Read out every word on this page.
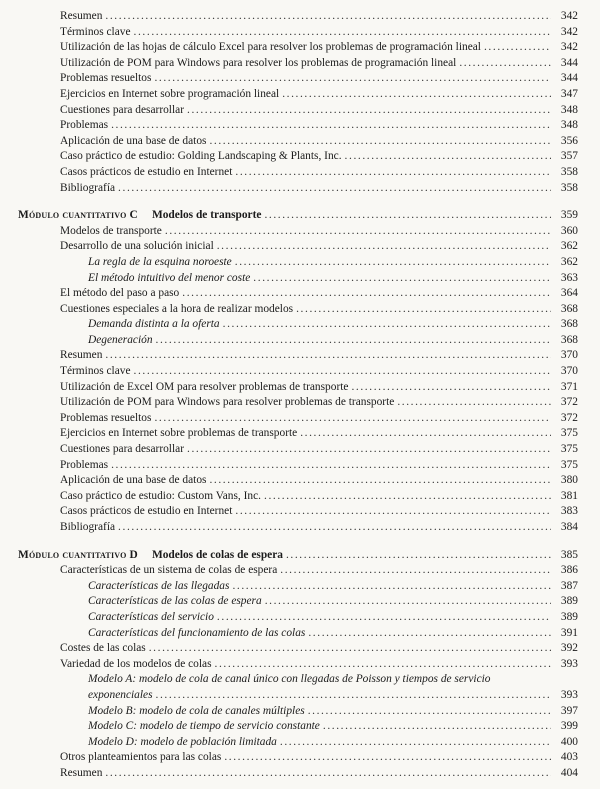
Resumen .....	342
Términos clave .....	342
Utilización de las hojas de cálculo Excel para resolver los problemas de programación lineal .....	342
Utilización de POM para Windows para resolver los problemas de programación lineal .....	344
Problemas resueltos .....	344
Ejercicios en Internet sobre programación lineal .....	347
Cuestiones para desarrollar .....	348
Problemas .....	348
Aplicación de una base de datos .....	356
Caso práctico de estudio: Golding Landscaping & Plants, Inc. .....	357
Casos prácticos de estudio en Internet .....	358
Bibliografía .....	358
Módulo cuantitativo C Modelos de transporte .....	359
Modelos de transporte .....	360
Desarrollo de una solución inicial .....	362
La regla de la esquina noroeste .....	362
El método intuitivo del menor coste .....	363
El método del paso a paso .....	364
Cuestiones especiales a la hora de realizar modelos .....	368
Demanda distinta a la oferta .....	368
Degeneración .....	368
Resumen .....	370
Términos clave .....	370
Utilización de Excel OM para resolver problemas de transporte .....	371
Utilización de POM para Windows para resolver problemas de transporte .....	372
Problemas resueltos .....	372
Ejercicios en Internet sobre problemas de transporte .....	375
Cuestiones para desarrollar .....	375
Problemas .....	375
Aplicación de una base de datos .....	380
Caso práctico de estudio: Custom Vans, Inc. .....	381
Casos prácticos de estudio en Internet .....	383
Bibliografía .....	384
Módulo cuantitativo D Modelos de colas de espera .....	385
Características de un sistema de colas de espera .....	386
Características de las llegadas .....	387
Características de las colas de espera .....	389
Características del servicio .....	389
Características del funcionamiento de las colas .....	391
Costes de las colas .....	392
Variedad de los modelos de colas .....	393
Modelo A: modelo de cola de canal único con llegadas de Poisson y tiempos de servicio
exponenciales .....	393
Modelo B: modelo de cola de canales múltiples .....	397
Modelo C: modelo de tiempo de servicio constante .....	399
Modelo D: modelo de población limitada .....	400
Otros planteamientos para las colas .....	403
Resumen .....	404
